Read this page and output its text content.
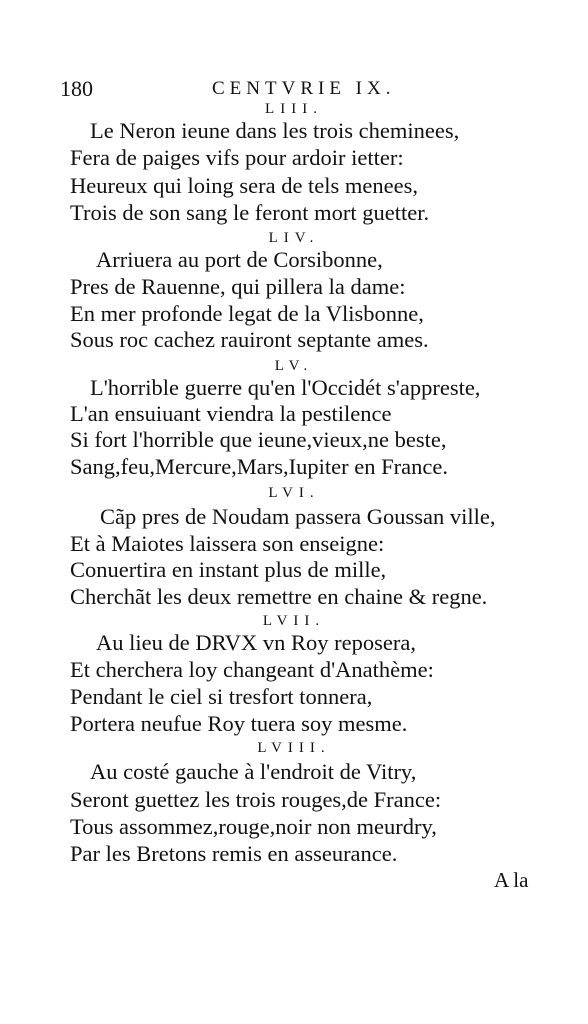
180	CENTVRIE IX.
LIII.
Le Neron ieune dans les trois cheminees,
Fera de paiges vifs pour ardoir ietter:
Heureux qui loing sera de tels menees,
Trois de son sang le feront mort guetter.
LIV.
Arriuera au port de Corsibonne,
Pres de Rauenne, qui pillera la dame:
En mer profonde legat de la Vlisbonne,
Sous roc cachez rauiront septante ames.
LV.
L'horrible guerre qu'en l'Occidét s'appreste,
L'an ensuiuant viendra la pestilence
Si fort l'horrible que ieune,vieux,ne beste,
Sang,feu,Mercure,Mars,Iupiter en France.
LVI.
Cãp pres de Noudam passera Goussan ville,
Et à Maiotes laissera son enseigne:
Conuertira en instant plus de mille,
Cherchãt les deux remettre en chaine & regne.
LVII.
Au lieu de DRVX vn Roy reposera,
Et cherchera loy changeant d'Anathème:
Pendant le ciel si tresfort tonnera,
Portera neufue Roy tuera soy mesme.
LVIII.
Au costé gauche à l'endroit de Vitry,
Seront guettez les trois rouges,de France:
Tous assommez,rouge,noir non meurdry,
Par les Bretons remis en asseurance.
A la
